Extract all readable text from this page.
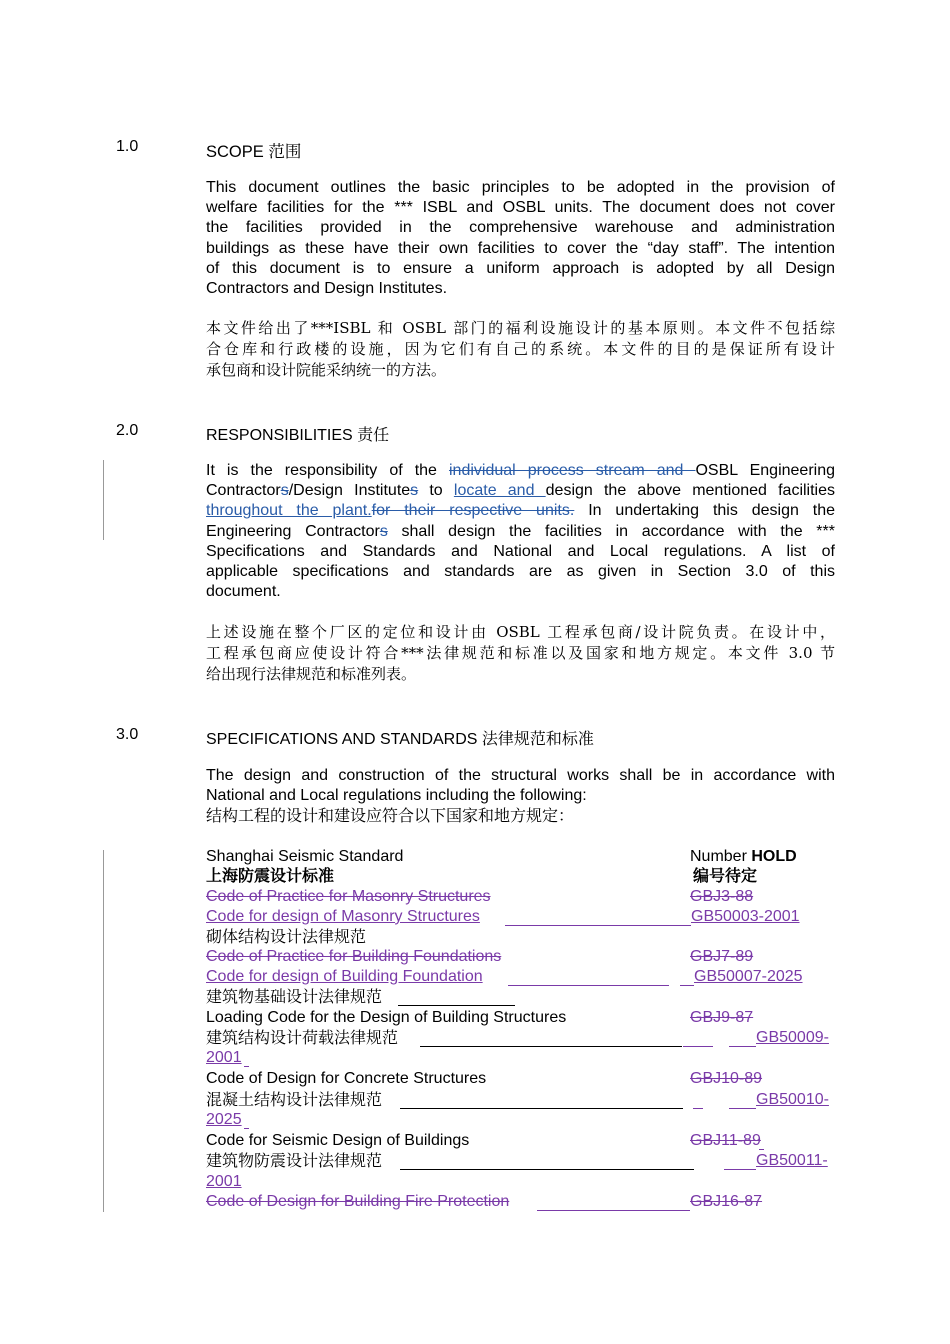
1.0	SCOPE 范围
This document outlines the basic principles to be adopted in the provision of
welfare facilities for the *** ISBL and OSBL units. The document does not cover
the facilities provided in the comprehensive warehouse and administration
buildings as these have their own facilities to cover the “day staff”. The intention
of this document is to ensure a uniform approach is adopted by all Design
Contractors and Design Institutes.
本文件给出了***ISBL 和 OSBL 部门的福利设施设计的基本原则。本文件不包括综
合仓库和行政楼的设施，因为它们有自己的系统。本文件的目的是保证所有设计
承包商和设计院能采纳统一的方法。
2.0	RESPONSIBILITIES 责任
It is the responsibility of the individual process stream and OSBL Engineering
Contractors/Design Institutes to locate and design the above mentioned facilities
throughout the plant.for their respective units. In undertaking this design the
Engineering Contractors shall design the facilities in accordance with the ***
Specifications and Standards and National and Local regulations. A list of
applicable specifications and standards are as given in Section 3.0 of this
document.
上述设施在整个厂区的定位和设计由 OSBL 工程承包商/设计院负责。在设计中，
工程承包商应使设计符合***法律规范和标准以及国家和地方规定。本文件 3.0 节
给出现行法律规范和标准列表。
3.0	SPECIFICATIONS AND STANDARDS 法律规范和标准
The design and construction of the structural works shall be in accordance with
National and Local regulations including the following:
结构工程的设计和建设应符合以下国家和地方规定：
Shanghai Seismic Standard	Number HOLD
上海防震设计标准	编号待定
Code of Practice for Masonry Structures	GBJ3-88
Code for design of Masonry Structures	GB50003-2001
砌体结构设计法律规范
Code of Practice for Building Foundations	GBJ7-89
Code for design of Building Foundation	GB50007-2025
建筑物基础设计法律规范
Loading Code for the Design of Building Structures	GBJ9-87
建筑结构设计荷载法律规范	GB50009-
2001
Code of Design for Concrete Structures	GBJ10-89
混凝土结构设计法律规范	GB50010-
2025
Code for Seismic Design of Buildings	GBJ11-89
建筑物防震设计法律规范	GB50011-
2001
Code of Design for Building Fire Protection	GBJ16-87
